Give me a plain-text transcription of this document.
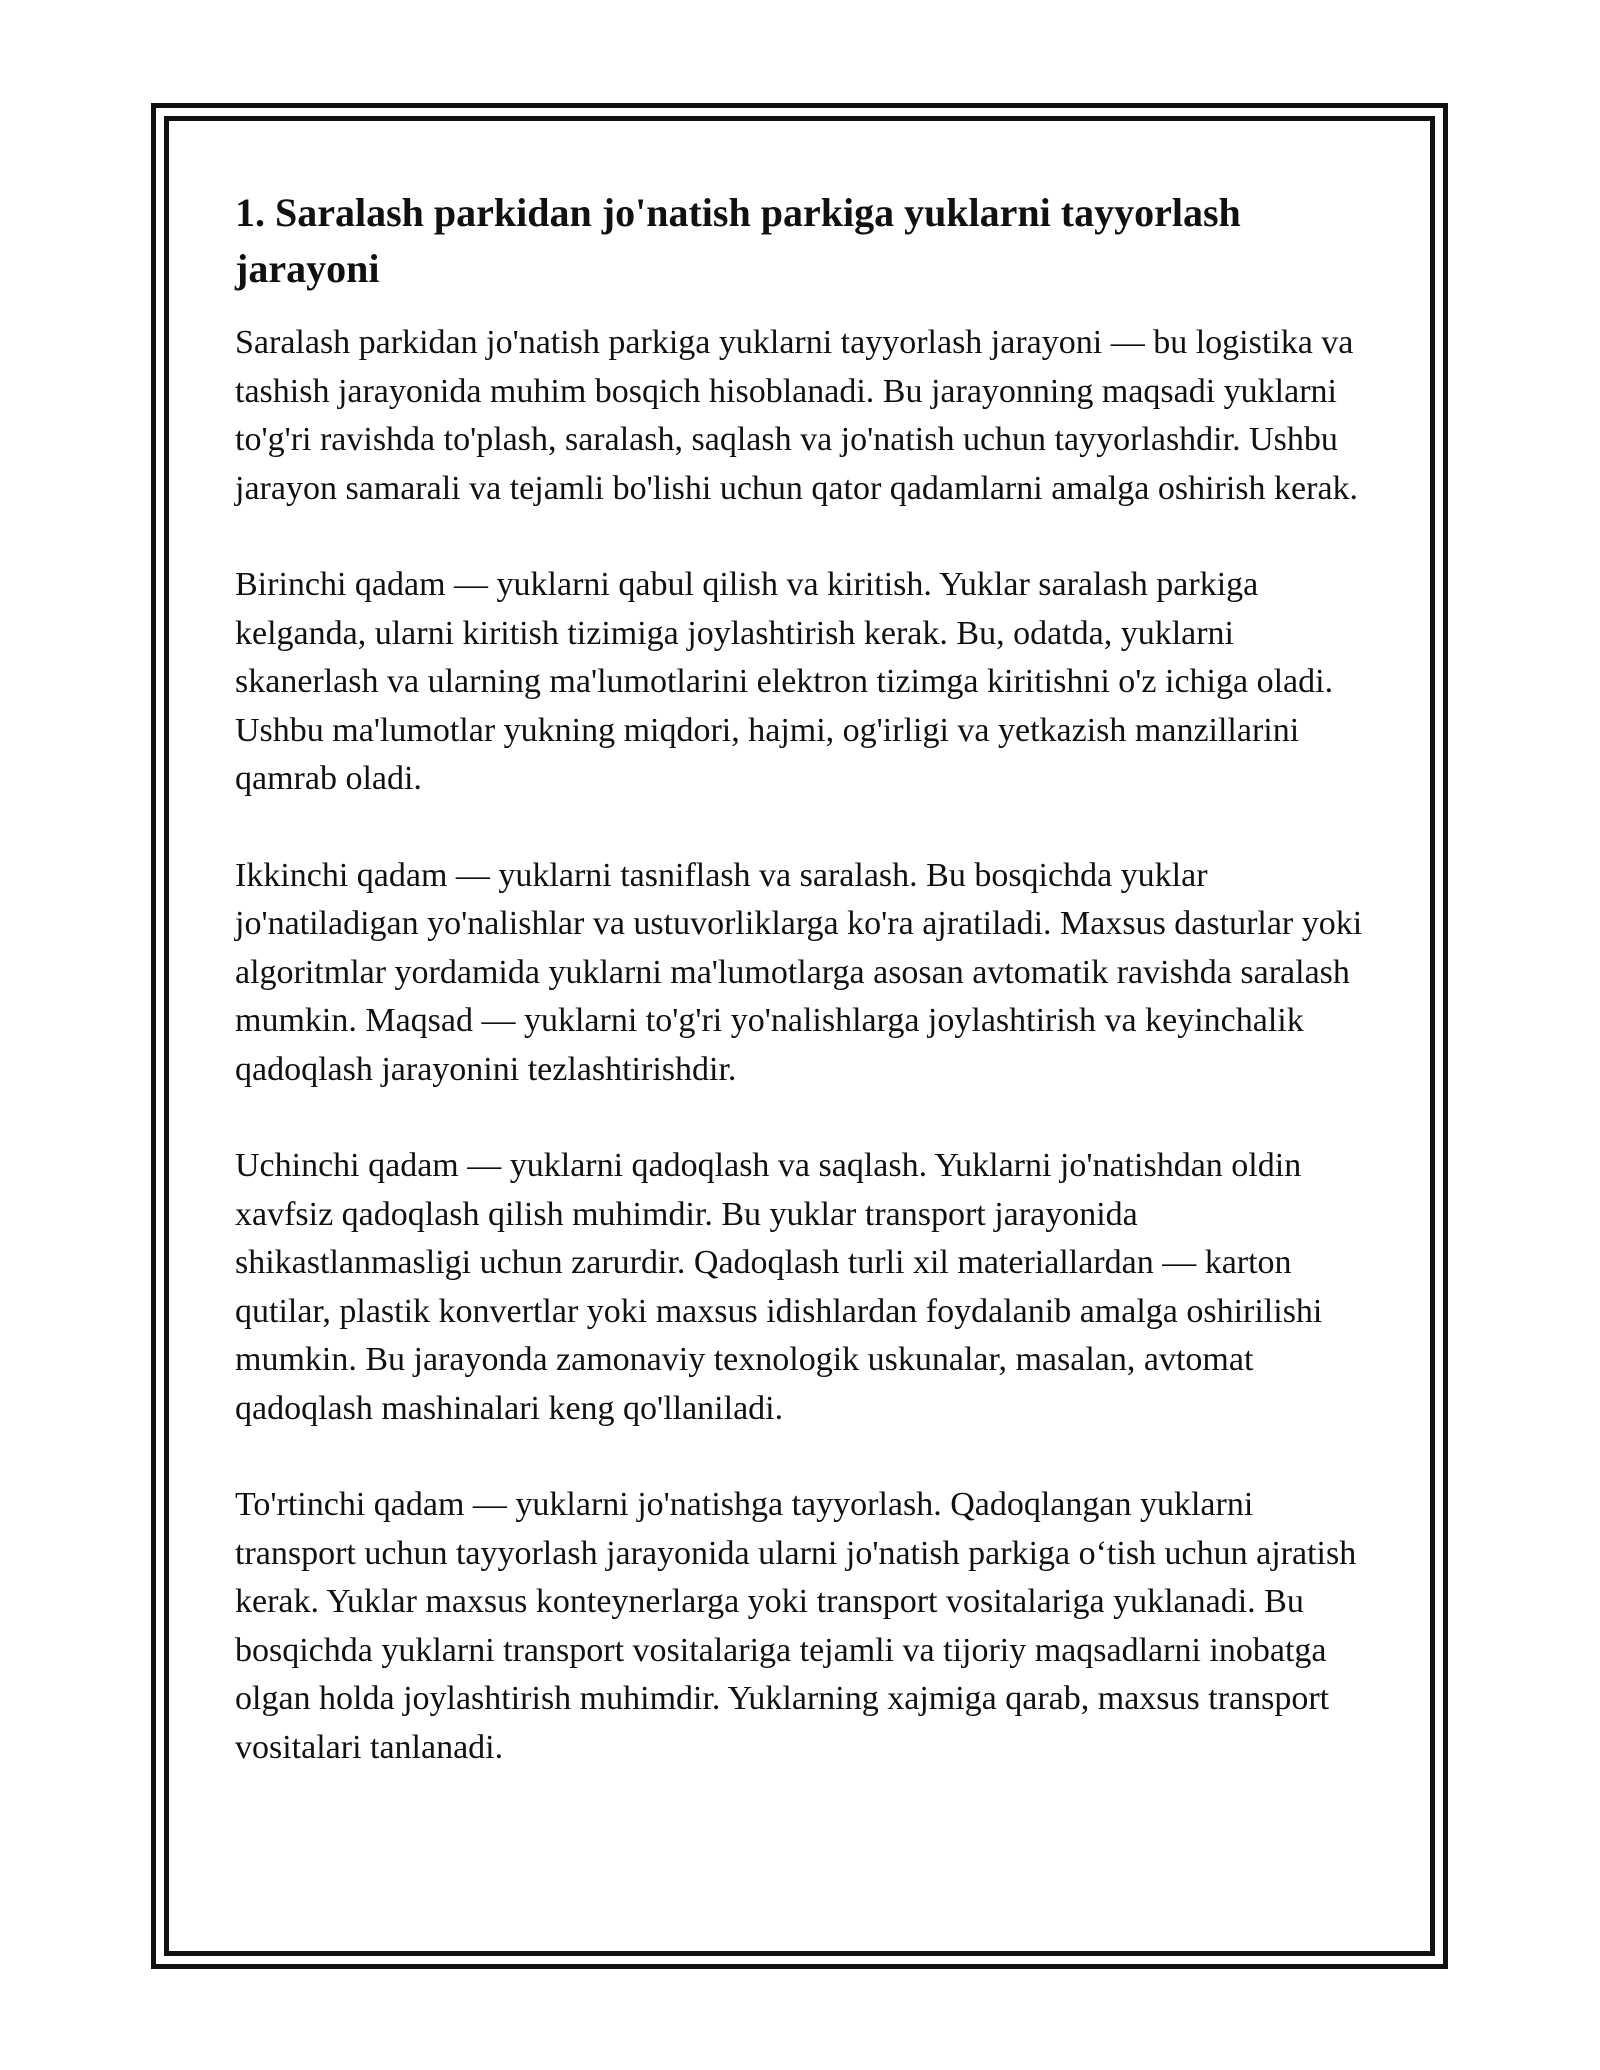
1. Saralash parkidan jo'natish parkiga yuklarni tayyorlash jarayoni

Saralash parkidan jo'natish parkiga yuklarni tayyorlash jarayoni — bu logistika va tashish jarayonida muhim bosqich hisoblanadi. Bu jarayonning maqsadi yuklarni to'g'ri ravishda to'plash, saralash, saqlash va jo'natish uchun tayyorlashdir. Ushbu jarayon samarali va tejamli bo'lishi uchun qator qadamlarni amalga oshirish kerak.

Birinchi qadam — yuklarni qabul qilish va kiritish. Yuklar saralash parkiga kelganda, ularni kiritish tizimiga joylashtirish kerak. Bu, odatda, yuklarni skanerlash va ularning ma'lumotlarini elektron tizimga kiritishni o'z ichiga oladi. Ushbu ma'lumotlar yukning miqdori, hajmi, og'irligi va yetkazish manzillarini qamrab oladi.

Ikkinchi qadam — yuklarni tasniflash va saralash. Bu bosqichda yuklar jo'natiladigan yo'nalishlar va ustuvorliklarga ko'ra ajratiladi. Maxsus dasturlar yoki algoritmlar yordamida yuklarni ma'lumotlarga asosan avtomatik ravishda saralash mumkin. Maqsad — yuklarni to'g'ri yo'nalishlarga joylashtirish va keyinchalik qadoqlash jarayonini tezlashtirishdir.

Uchinchi qadam — yuklarni qadoqlash va saqlash. Yuklarni jo'natishdan oldin xavfsiz qadoqlash qilish muhimdir. Bu yuklar transport jarayonida shikastlanmasligi uchun zarurdir. Qadoqlash turli xil materiallardan — karton qutilar, plastik konvertlar yoki maxsus idishlardan foydalanib amalga oshirilishi mumkin. Bu jarayonda zamonaviy texnologik uskunalar, masalan, avtomat qadoqlash mashinalari keng qo'llaniladi.

To'rtinchi qadam — yuklarni jo'natishga tayyorlash. Qadoqlangan yuklarni transport uchun tayyorlash jarayonida ularni jo'natish parkiga o‘tish uchun ajratish kerak. Yuklar maxsus konteynerlarga yoki transport vositalariga yuklanadi. Bu bosqichda yuklarni transport vositalariga tejamli va tijoriy maqsadlarni inobatga olgan holda joylashtirish muhimdir. Yuklarning xajmiga qarab, maxsus transport vositalari tanlanadi.
